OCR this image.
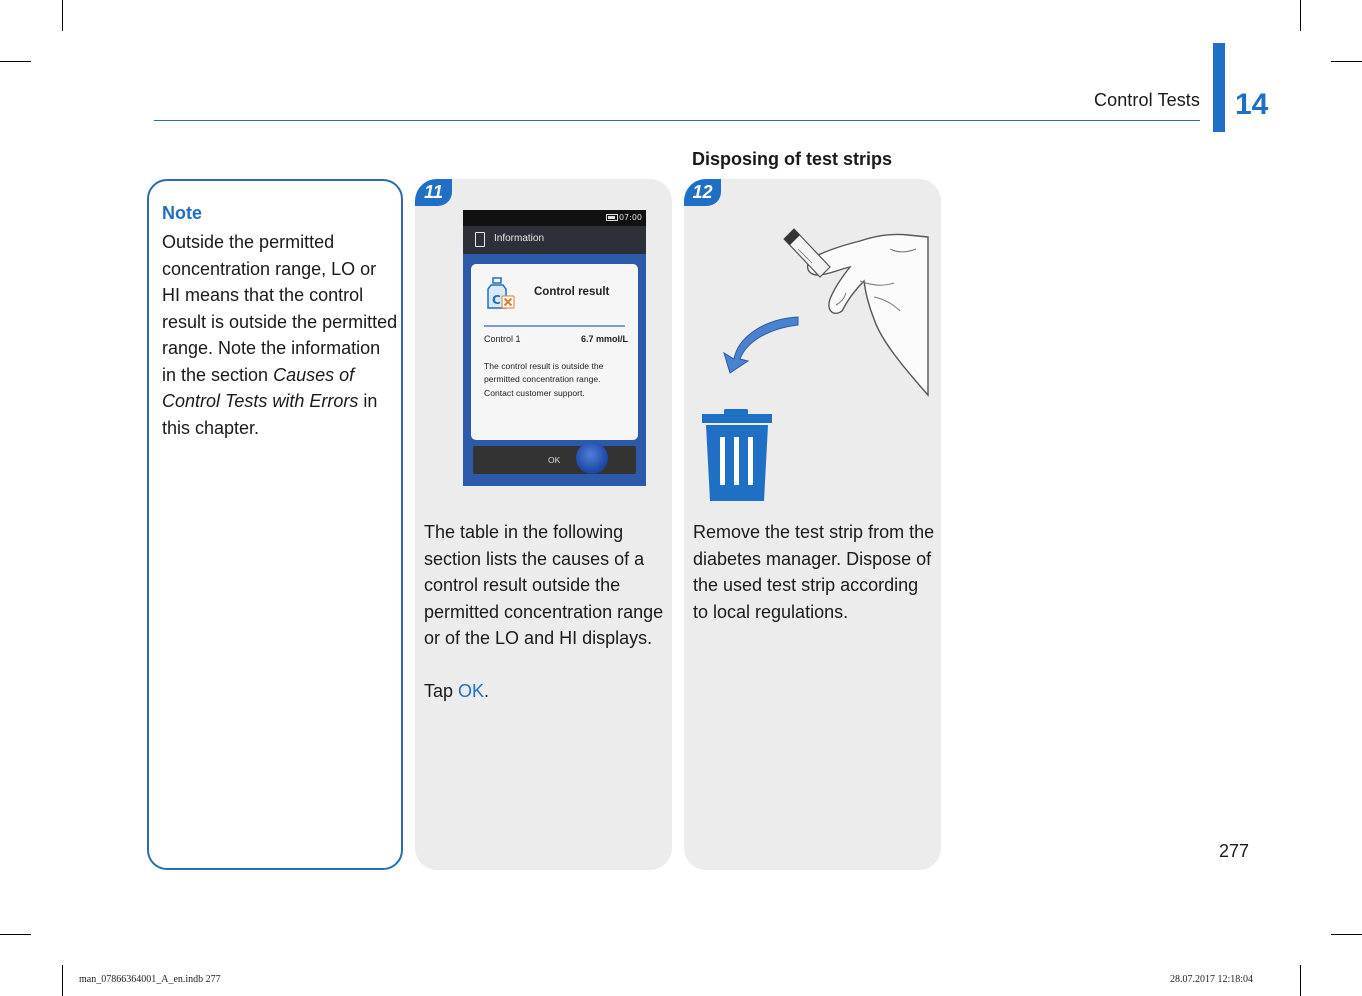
Control Tests 14
Disposing of test strips
Note
Outside the permitted concentration range, LO or HI means that the control result is outside the permitted range. Note the information in the section Causes of Control Tests with Errors in this chapter.
11
07:00
Information
C
Control result
Control 1	6.7 mmol/L
The control result is outside the permitted concentration range. Contact customer support.
OK
The table in the following section lists the causes of a control result outside the permitted concentration range or of the LO and HI displays.
Tap OK.
12
Remove the test strip from the diabetes manager. Dispose of the used test strip according to local regulations.
277
man_07866364001_A_en.indb 277	28.07.2017 12:18:04
